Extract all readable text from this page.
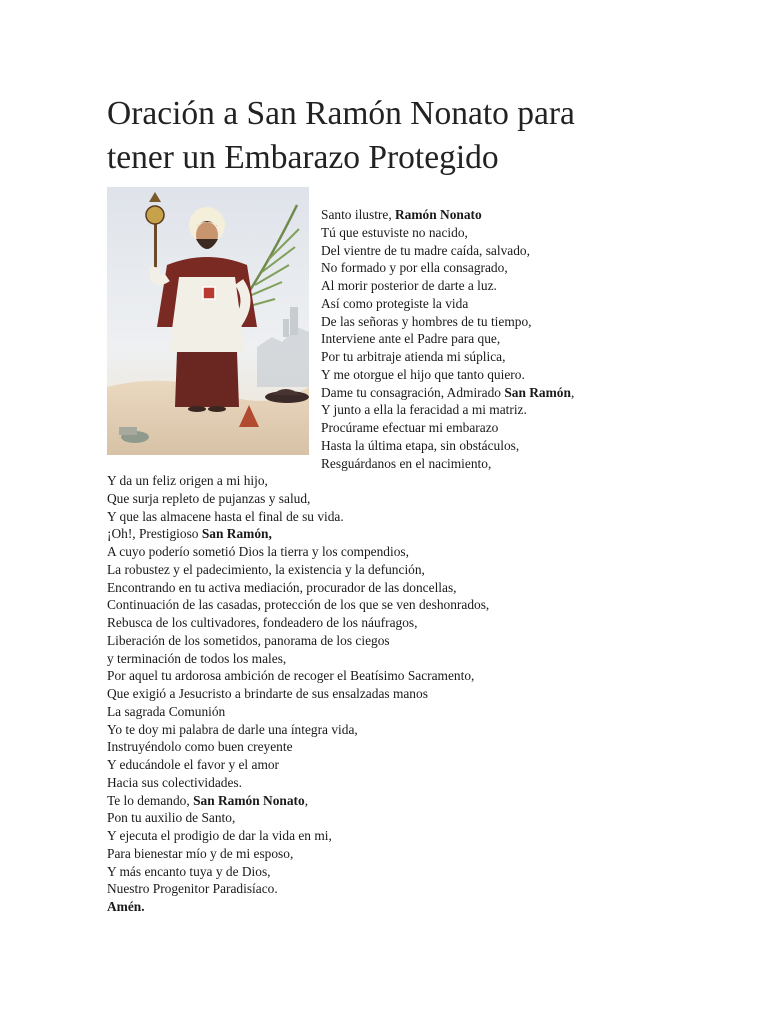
Oración a San Ramón Nonato para
tener un Embarazo Protegido
Santo ilustre, Ramón Nonato
Tú que estuviste no nacido,
Del vientre de tu madre caída, salvado,
No formado y por ella consagrado,
Al morir posterior de darte a luz.
Así como protegiste la vida
De las señoras y hombres de tu tiempo,
Interviene ante el Padre para que,
Por tu arbitraje atienda mi súplica,
Y me otorgue el hijo que tanto quiero.
Dame tu consagración, Admirado San Ramón,
Y junto a ella la feracidad a mi matriz.
Procúrame efectuar mi embarazo
Hasta la última etapa, sin obstáculos,
Resguárdanos en el nacimiento,
Y da un feliz origen a mi hijo,
Que surja repleto de pujanzas y salud,
Y que las almacene hasta el final de su vida.
¡Oh!, Prestigioso San Ramón,
A cuyo poderío sometió Dios la tierra y los compendios,
La robustez y el padecimiento, la existencia y la defunción,
Encontrando en tu activa mediación, procurador de las doncellas,
Continuación de las casadas, protección de los que se ven deshonrados,
Rebusca de los cultivadores, fondeadero de los náufragos,
Liberación de los sometidos, panorama de los ciegos
y terminación de todos los males,
Por aquel tu ardorosa ambición de recoger el Beatísimo Sacramento,
Que exigió a Jesucristo a brindarte de sus ensalzadas manos
La sagrada Comunión
Yo te doy mi palabra de darle una íntegra vida,
Instruyéndolo como buen creyente
Y educándole el favor y el amor
Hacia sus colectividades.
Te lo demando, San Ramón Nonato,
Pon tu auxilio de Santo,
Y ejecuta el prodigio de dar la vida en mi,
Para bienestar mío y de mi esposo,
Y más encanto tuya y de Dios,
Nuestro Progenitor Paradisíaco.
Amén.
